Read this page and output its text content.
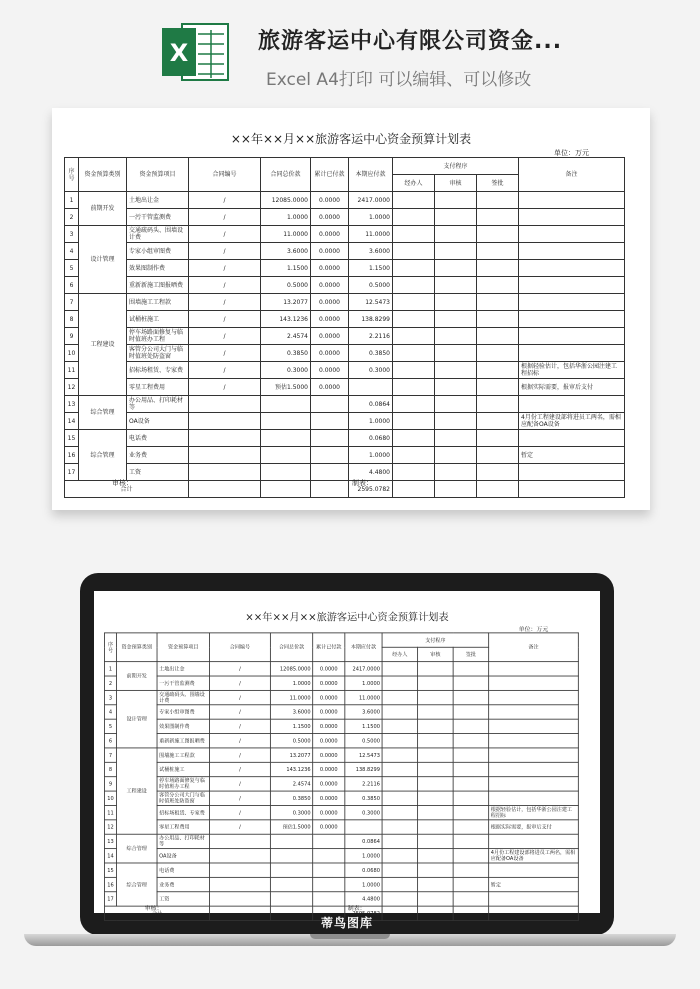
X	旅游客运中心有限公司资金...
Excel A4打印 可以编辑、可以修改
××年××月××旅游客运中心资金预算计划表
单位：万元
序号	资金预算类别	资金预算项目	合同编号	合同总价款	累计已付款	本期应付款	支付程序			备注
							经办人	审核	签批	
1	前期开发	土地出让金	/	12085.0000	0.0000	2417.0000				
2		一污干管监测费	/	1.0000	0.0000	1.0000				
3	设计管理	交通疏码头、围墙设计费	/	11.0000	0.0000	11.0000				
4		专家小组审图费	/	3.6000	0.0000	3.6000				
5		效果图制作费	/	1.1500	0.0000	1.1500				
6		重新新施工图报晒费	/	0.5000	0.0000	0.5000				
7	工程建设	围墙施工工程款	/	13.2077	0.0000	12.5473				
8		试桶桩施工	/	143.1236	0.0000	138.8299				
9		停车场路面修复与临时值班办工程	/	2.4574	0.0000	2.2116				
10		客管分公司大门与临时值班处防盗窗	/	0.3850	0.0000	0.3850				
11		招标场租赁、专家费	/	0.3000	0.0000	0.3000				根据轻验估计，包括华浙公园注建工程招标
12		零星工程费用	/	预估1.5000	0.0000					根据实际需要，报审后支付
13	综合管理	办公用品、打印耗材等				0.0864				
14		OA设备				1.0000				4月份工程建设部将进员工两名，需相应配备OA设备
15	综合管理	电话费				0.0680				
16		业务费				1.0000				暂定
17		工资				4.4800				
合计						2595.0782				
审核：	制表：
××年××月××旅游客运中心资金预算计划表
单位：万元
序号	资金预算类别	资金预算项目	合同编号	合同总价款	累计已付款	本期应付款	支付程序			备注
							经办人	审核	签批	
1	前期开发	土地出让金	/	12085.0000	0.0000	2417.0000				
2		一污干管监测费	/	1.0000	0.0000	1.0000				
3	设计管理	交通疏码头、围墙设计费	/	11.0000	0.0000	11.0000				
4		专家小组审图费	/	3.6000	0.0000	3.6000				
5		效果图制作费	/	1.1500	0.0000	1.1500				
6		重新新施工图报晒费	/	0.5000	0.0000	0.5000				
7	工程建设	围墙施工工程款	/	13.2077	0.0000	12.5473				
8		试桶桩施工	/	143.1236	0.0000	138.8299				
9		停车场路面修复与临时值班办工程	/	2.4574	0.0000	2.2116				
10		客管分公司大门与临时值班处防盗窗	/	0.3850	0.0000	0.3850				
11		招标场租赁、专家费	/	0.3000	0.0000	0.3000				根据轻验估计，包括华浙公园注建工程招标
12		零星工程费用	/	预估1.5000	0.0000					根据实际需要，报审后支付
13	综合管理	办公用品、打印耗材等				0.0864				
14		OA设备				1.0000				4月份工程建设部将进员工两名，需相应配备OA设备
15	综合管理	电话费				0.0680				
16		业务费				1.0000				暂定
17		工资				4.4800				
合计						2595.0782				
审核：	制表：
蒂鸟图库
